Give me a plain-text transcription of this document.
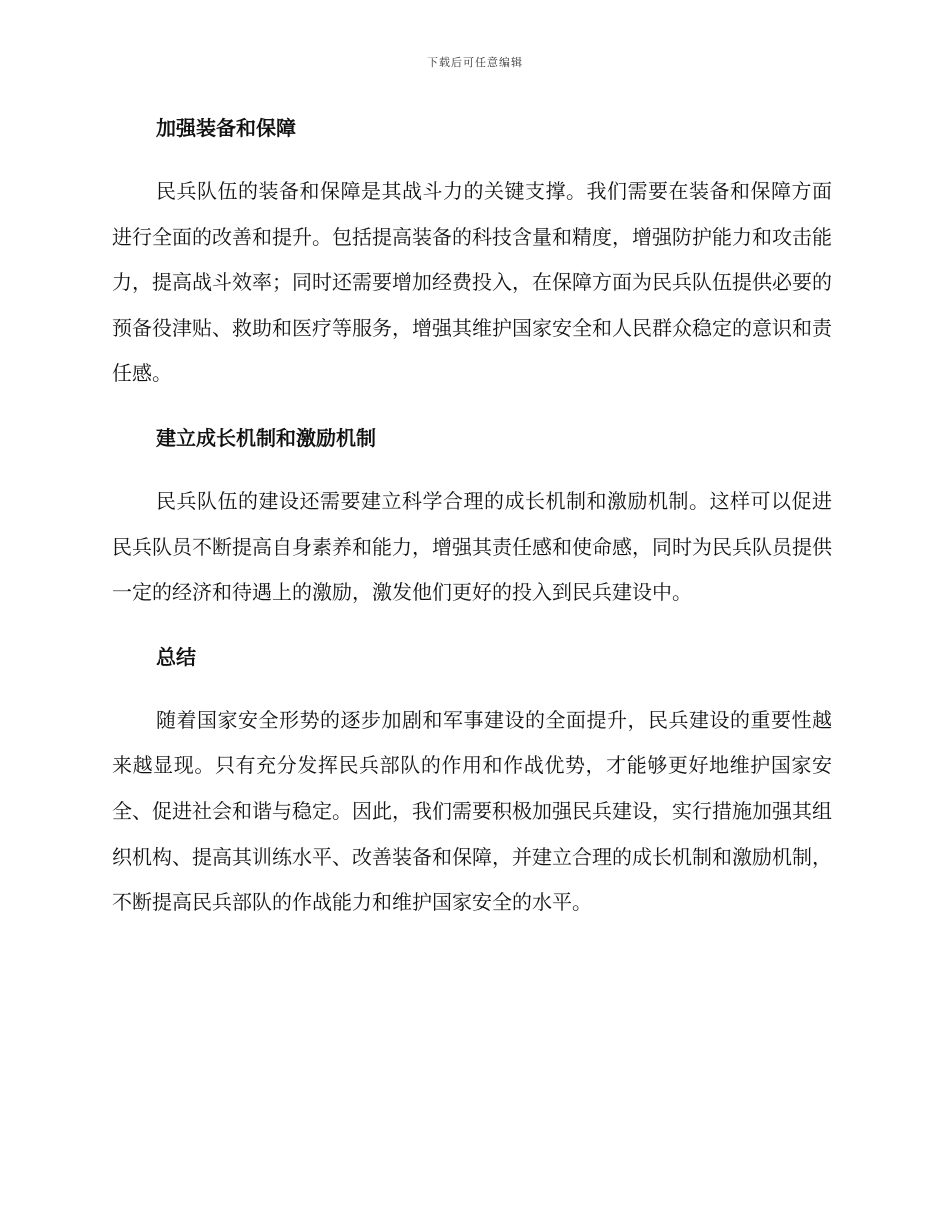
下载后可任意编辑
加强装备和保障

民兵队伍的装备和保障是其战斗力的关键支撑。我们需要在装备和保障方面进行全面的改善和提升。包括提高装备的科技含量和精度，增强防护能力和攻击能力，提高战斗效率；同时还需要增加经费投入，在保障方面为民兵队伍提供必要的预备役津贴、救助和医疗等服务，增强其维护国家安全和人民群众稳定的意识和责任感。

建立成长机制和激励机制

民兵队伍的建设还需要建立科学合理的成长机制和激励机制。这样可以促进民兵队员不断提高自身素养和能力，增强其责任感和使命感，同时为民兵队员提供一定的经济和待遇上的激励，激发他们更好的投入到民兵建设中。

总结

随着国家安全形势的逐步加剧和军事建设的全面提升，民兵建设的重要性越来越显现。只有充分发挥民兵部队的作用和作战优势，才能够更好地维护国家安全、促进社会和谐与稳定。因此，我们需要积极加强民兵建设，实行措施加强其组织机构、提高其训练水平、改善装备和保障，并建立合理的成长机制和激励机制，不断提高民兵部队的作战能力和维护国家安全的水平。
